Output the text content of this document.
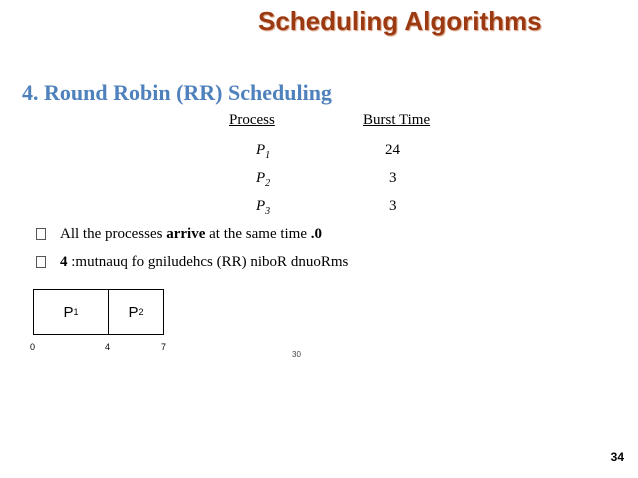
Scheduling Algorithms
4. Round Robin (RR) Scheduling
Process	Burst Time
$P_1$	24
$P_2$	3
$P_3$	3
All the processes arrive at the same time .0
4 :mutnauq fo gniludehcs (RR) niboR dnuoRms
P 1	P 2
0	4	7
30
34
